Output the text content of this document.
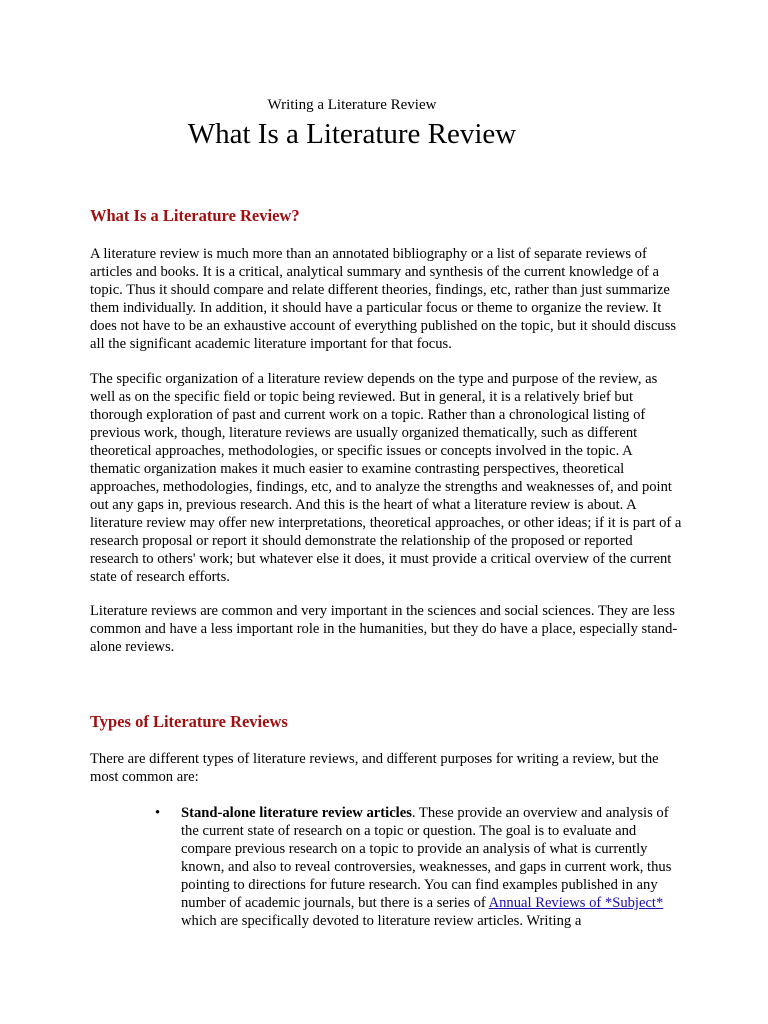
Writing a Literature Review
What Is a Literature Review
What Is a Literature Review?
A literature review is much more than an annotated bibliography or a list of separate reviews of articles and books. It is a critical, analytical summary and synthesis of the current knowledge of a topic. Thus it should compare and relate different theories, findings, etc, rather than just summarize them individually. In addition, it should have a particular focus or theme to organize the review. It does not have to be an exhaustive account of everything published on the topic, but it should discuss all the significant academic literature important for that focus.
The specific organization of a literature review depends on the type and purpose of the review, as well as on the specific field or topic being reviewed. But in general, it is a relatively brief but thorough exploration of past and current work on a topic. Rather than a chronological listing of previous work, though, literature reviews are usually organized thematically, such as different theoretical approaches, methodologies, or specific issues or concepts involved in the topic. A thematic organization makes it much easier to examine contrasting perspectives, theoretical approaches, methodologies, findings, etc, and to analyze the strengths and weaknesses of, and point out any gaps in, previous research. And this is the heart of what a literature review is about. A literature review may offer new interpretations, theoretical approaches, or other ideas; if it is part of a research proposal or report it should demonstrate the relationship of the proposed or reported research to others' work; but whatever else it does, it must provide a critical overview of the current state of research efforts.
Literature reviews are common and very important in the sciences and social sciences. They are less common and have a less important role in the humanities, but they do have a place, especially stand-alone reviews.
Types of Literature Reviews
There are different types of literature reviews, and different purposes for writing a review, but the most common are:
• Stand-alone literature review articles. These provide an overview and analysis of the current state of research on a topic or question. The goal is to evaluate and compare previous research on a topic to provide an analysis of what is currently known, and also to reveal controversies, weaknesses, and gaps in current work, thus pointing to directions for future research. You can find examples published in any number of academic journals, but there is a series of Annual Reviews of *Subject* which are specifically devoted to literature review articles. Writing a
